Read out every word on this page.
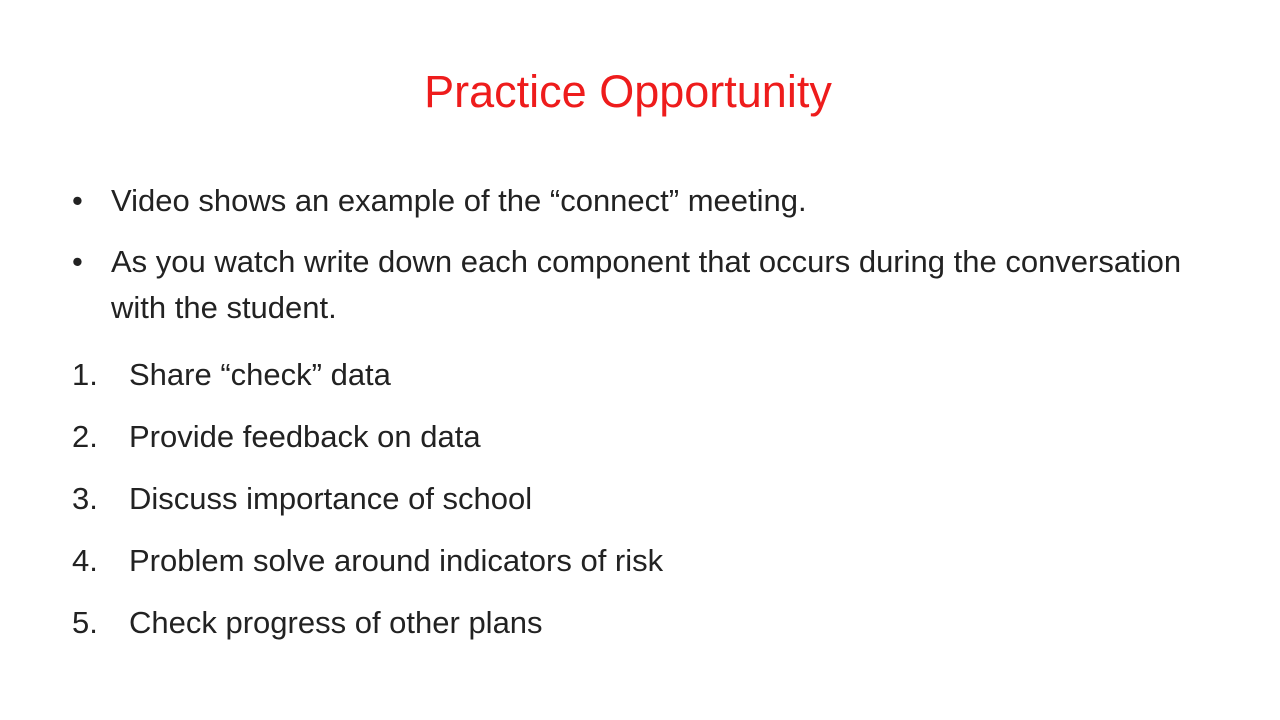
Practice Opportunity
• Video shows an example of the “connect” meeting.
• As you watch write down each component that occurs during the conversation with the student.
1.	Share “check” data
2.	Provide feedback on data
3.	Discuss importance of school
4.	Problem solve around indicators of risk
5.	Check progress of other plans
